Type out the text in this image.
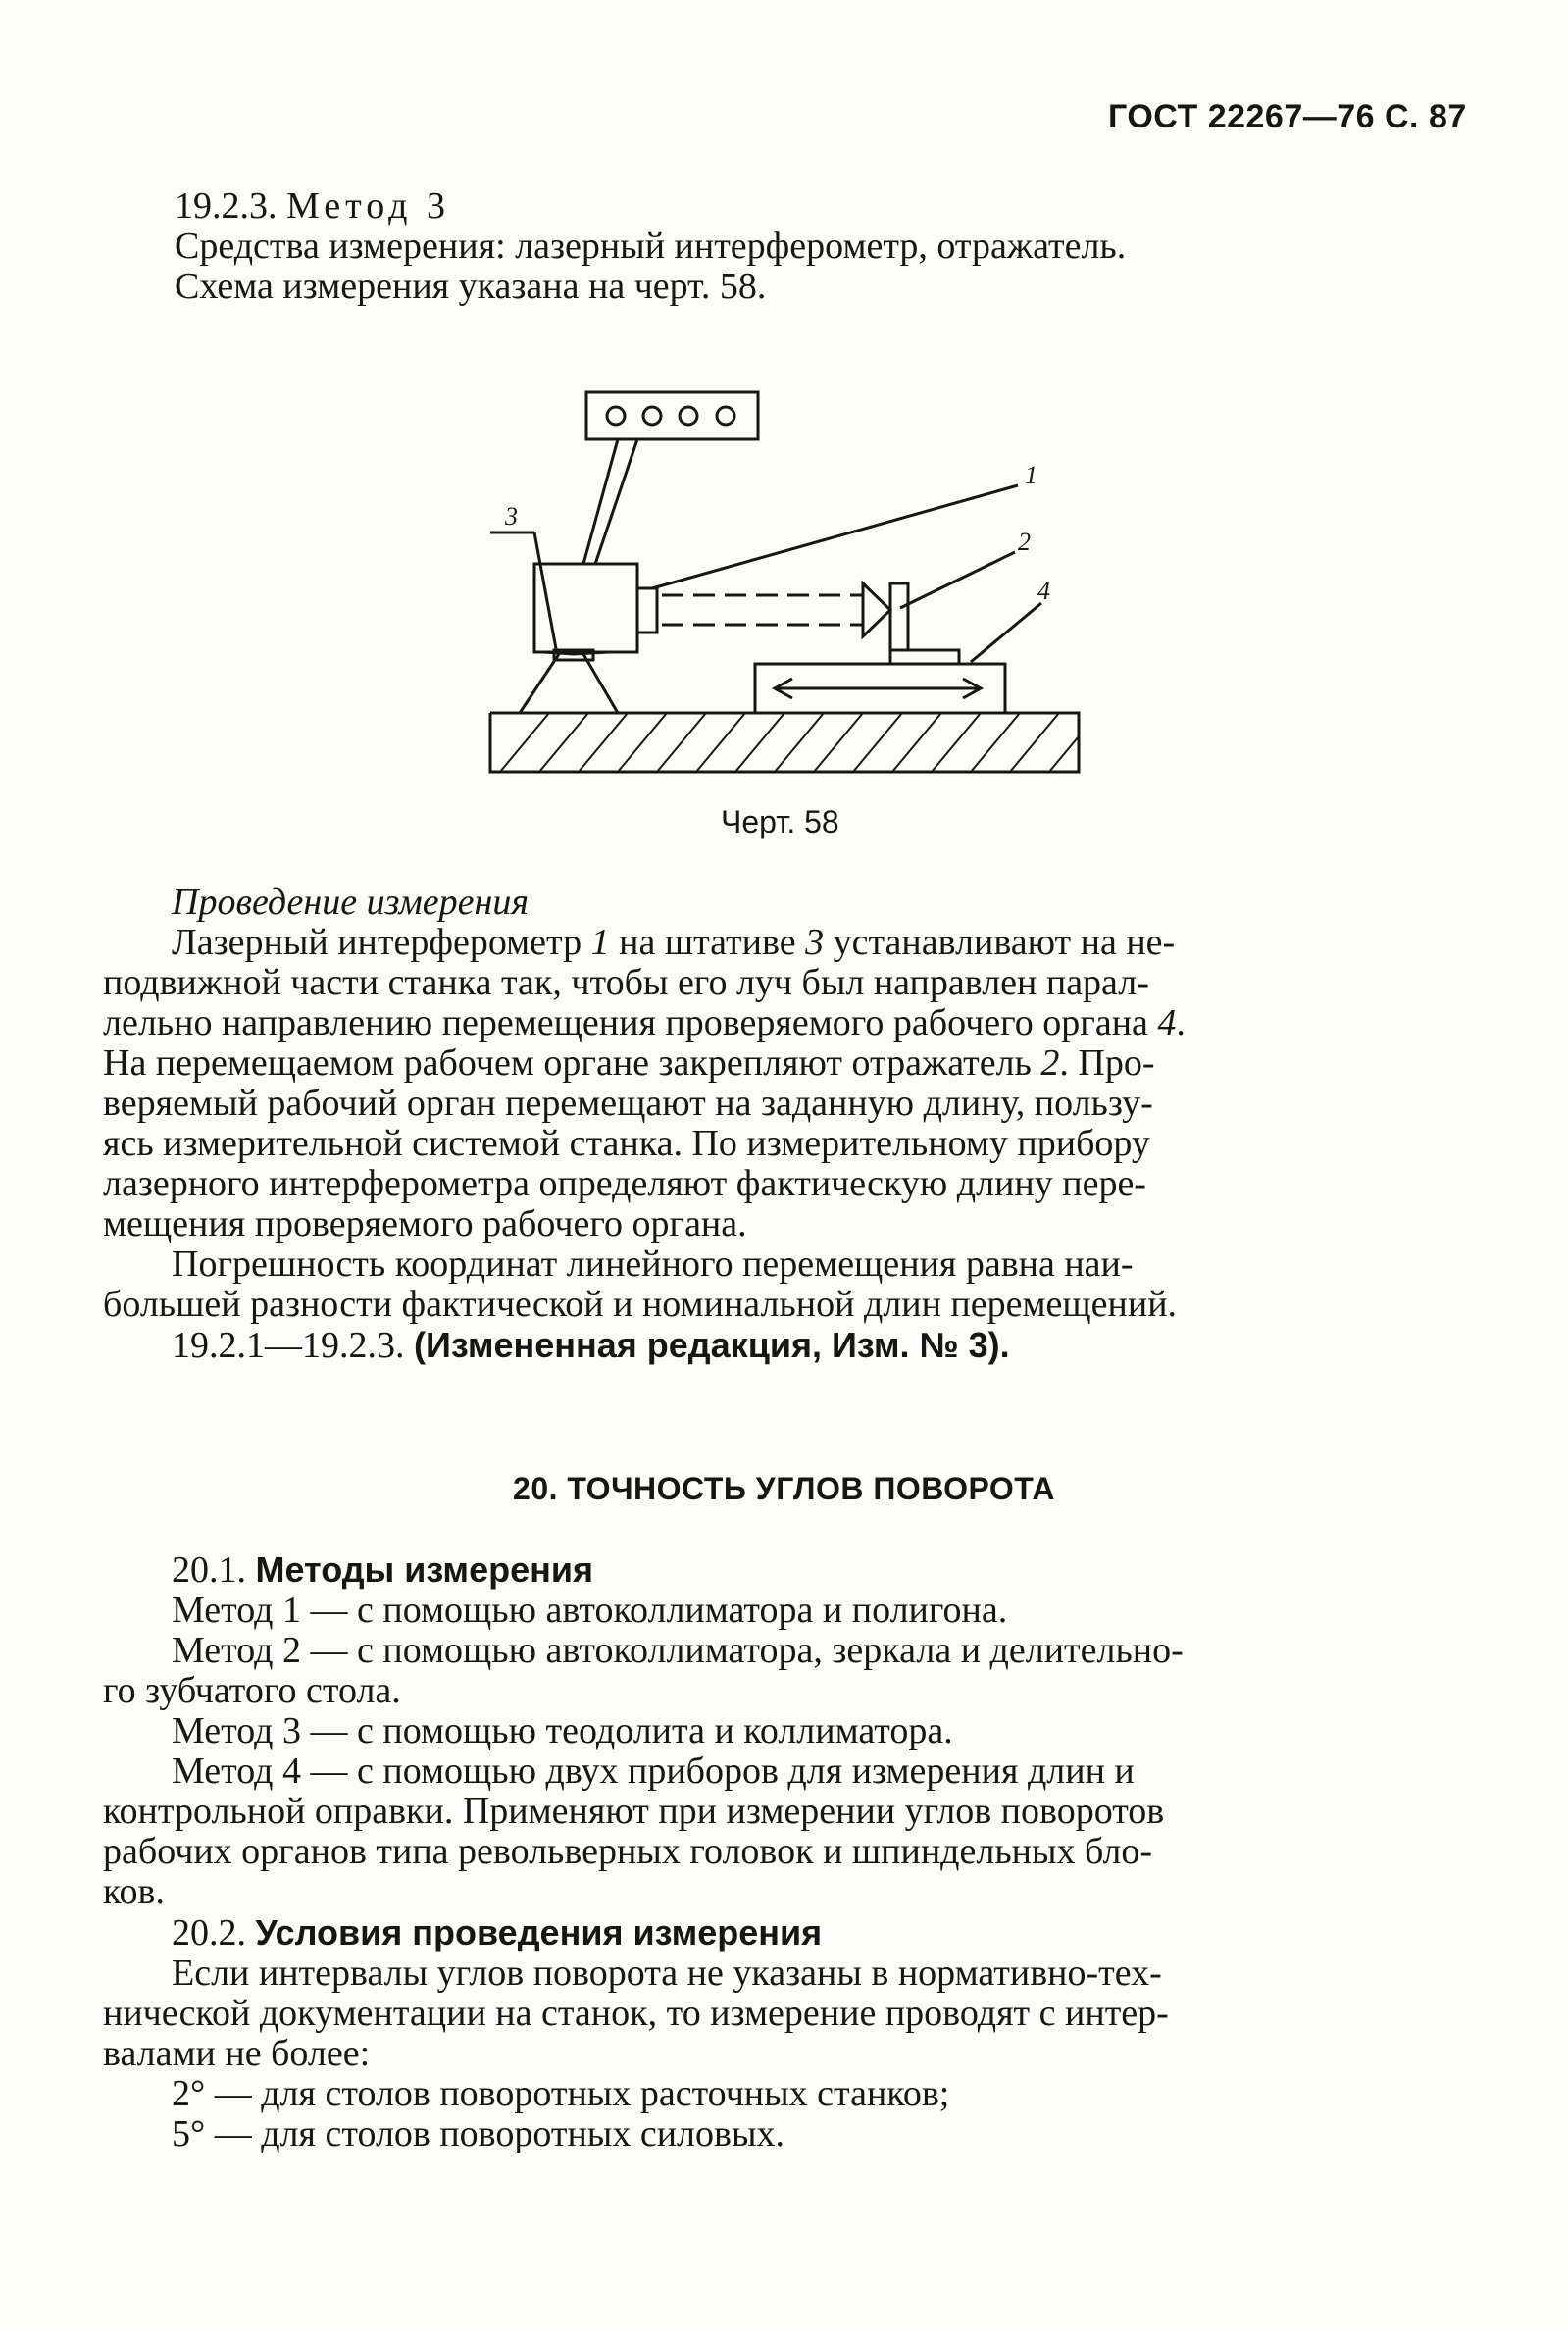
ГОСТ 22267—76 С. 87
19.2.3. Метод 3
Средства измерения: лазерный интерферометр, отражатель.
Схема измерения указана на черт. 58.
1
2
3
4
Черт. 58
Проведение измерения
Лазерный интерферометр 1 на штативе 3 устанавливают на не-
подвижной части станка так, чтобы его луч был направлен парал-
лельно направлению перемещения проверяемого рабочего органа 4.
На перемещаемом рабочем органе закрепляют отражатель 2. Про-
веряемый рабочий орган перемещают на заданную длину, пользу-
ясь измерительной системой станка. По измерительному прибору
лазерного интерферометра определяют фактическую длину пере-
мещения проверяемого рабочего органа.
Погрешность координат линейного перемещения равна наи-
большей разности фактической и номинальной длин перемещений.
19.2.1—19.2.3. (Измененная редакция, Изм. № 3).
20. ТОЧНОСТЬ УГЛОВ ПОВОРОТА
20.1. Методы измерения
Метод 1 — с помощью автоколлиматора и полигона.
Метод 2 — с помощью автоколлиматора, зеркала и делительно-
го зубчатого стола.
Метод 3 — с помощью теодолита и коллиматора.
Метод 4 — с помощью двух приборов для измерения длин и
контрольной оправки. Применяют при измерении углов поворотов
рабочих органов типа револьверных головок и шпиндельных бло-
ков.
20.2. Условия проведения измерения
Если интервалы углов поворота не указаны в нормативно-тех-
нической документации на станок, то измерение проводят с интер-
валами не более:
2° — для столов поворотных расточных станков;
5° — для столов поворотных силовых.
